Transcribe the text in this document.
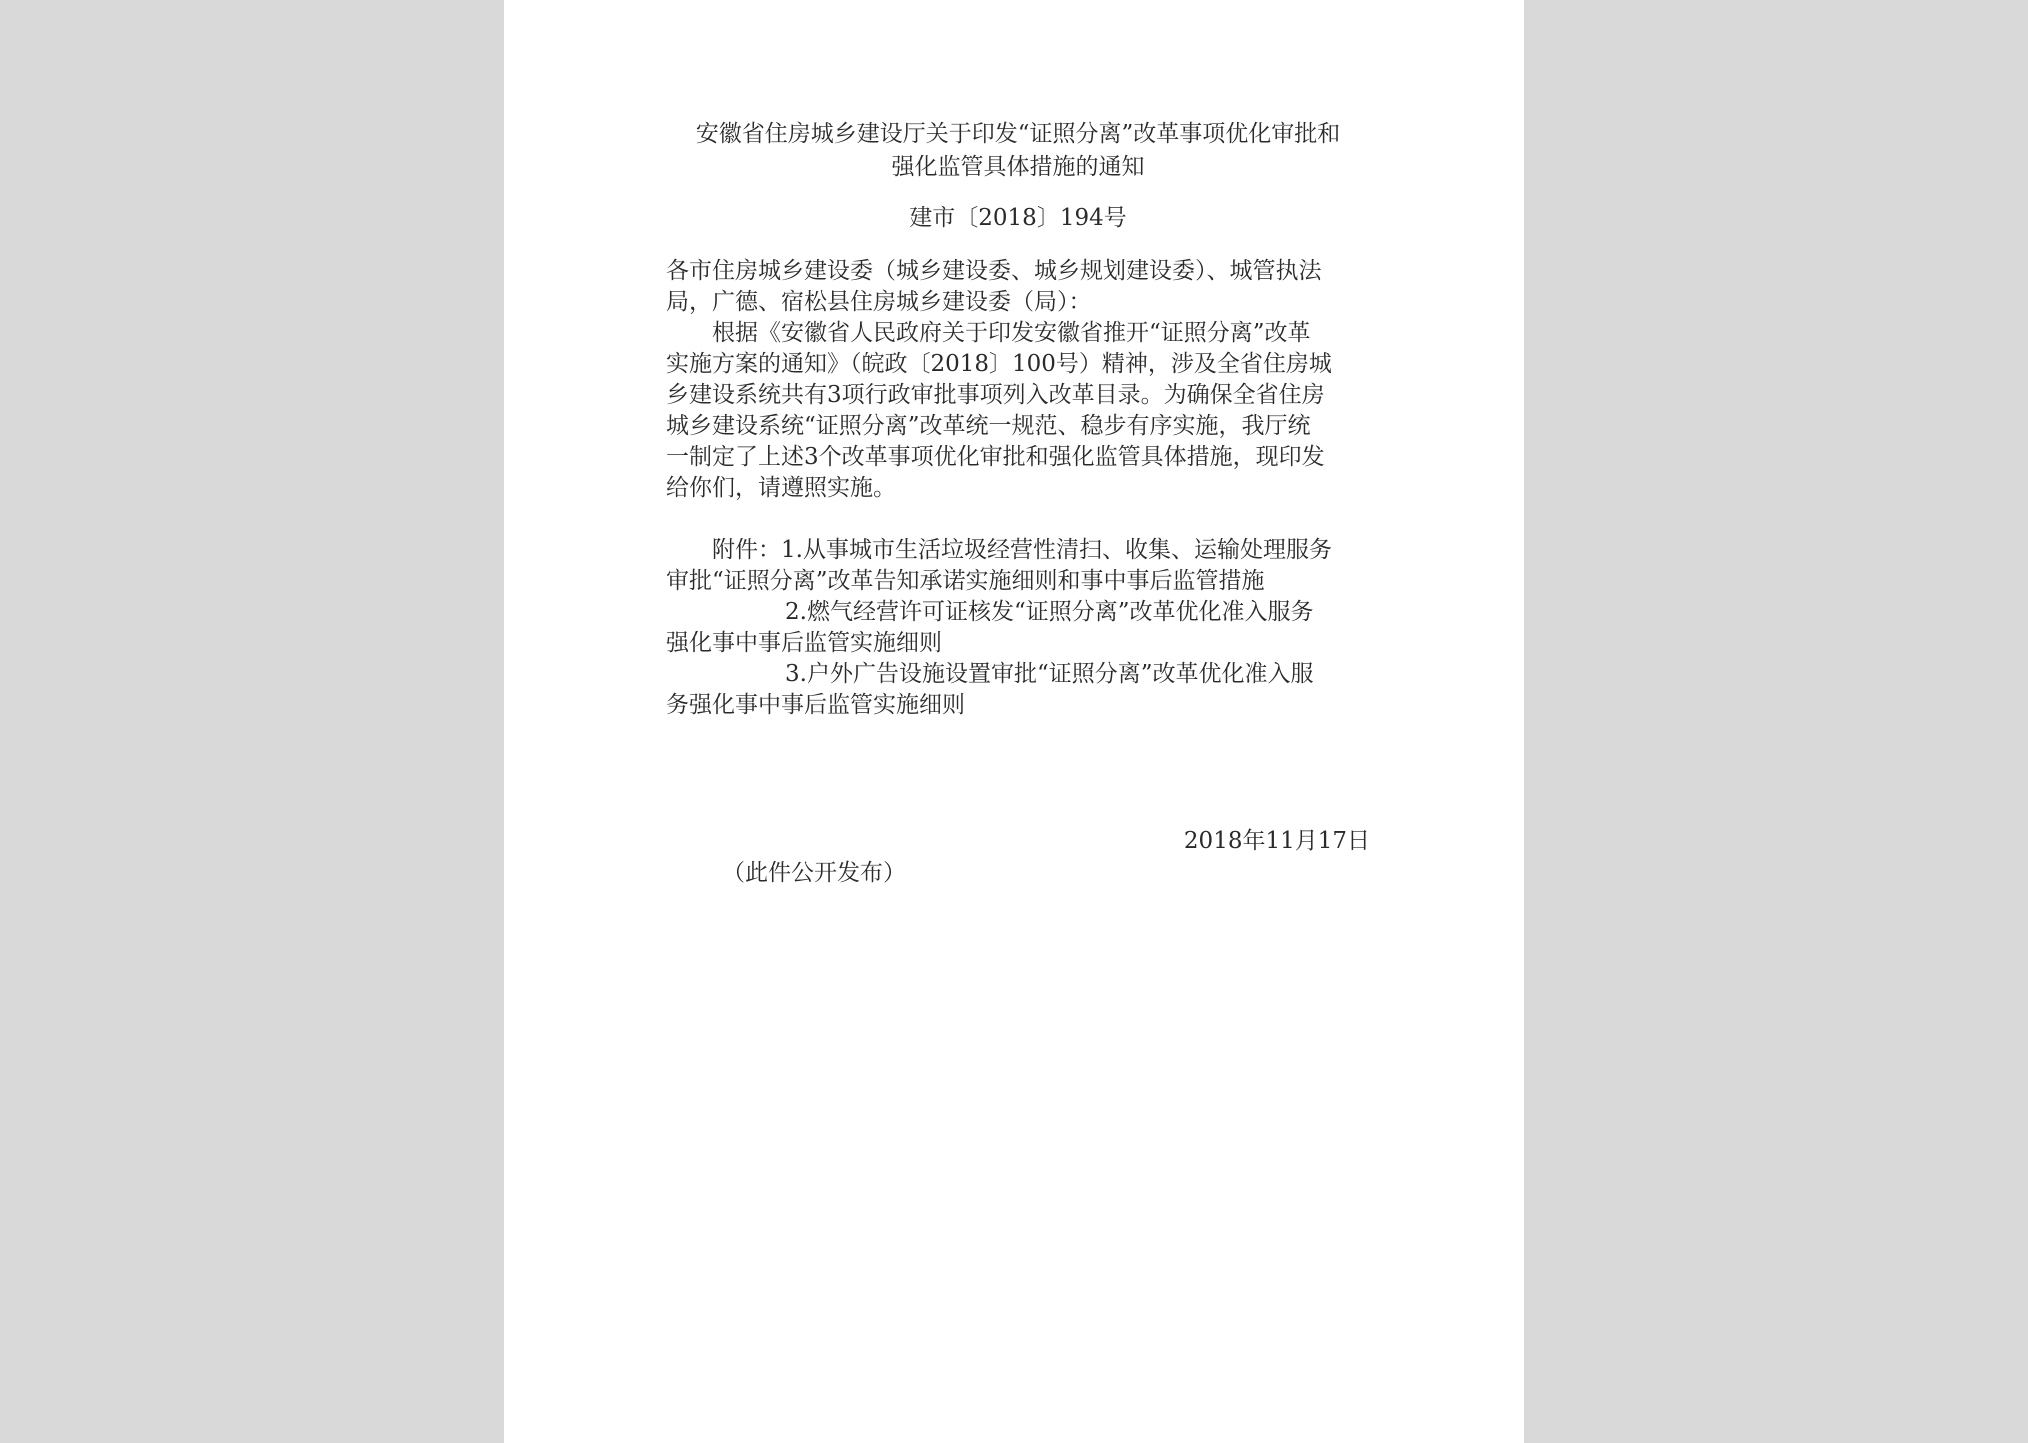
安徽省住房城乡建设厅关于印发“证照分离”改革事项优化审批和
强化监管具体措施的通知
建市〔2018〕194号
各市住房城乡建设委（城乡建设委、城乡规划建设委）、城管执法
局，广德、宿松县住房城乡建设委（局）：
根据《安徽省人民政府关于印发安徽省推开“证照分离”改革
实施方案的通知》（皖政〔2018〕100号）精神，涉及全省住房城
乡建设系统共有3项行政审批事项列入改革目录。为确保全省住房
城乡建设系统“证照分离”改革统一规范、稳步有序实施，我厅统
一制定了上述3个改革事项优化审批和强化监管具体措施，现印发
给你们，请遵照实施。
附件：1.从事城市生活垃圾经营性清扫、收集、运输处理服务
审批“证照分离”改革告知承诺实施细则和事中事后监管措施
2.燃气经营许可证核发“证照分离”改革优化准入服务
强化事中事后监管实施细则
3.户外广告设施设置审批“证照分离”改革优化准入服
务强化事中事后监管实施细则
2018年11月17日
（此件公开发布）
